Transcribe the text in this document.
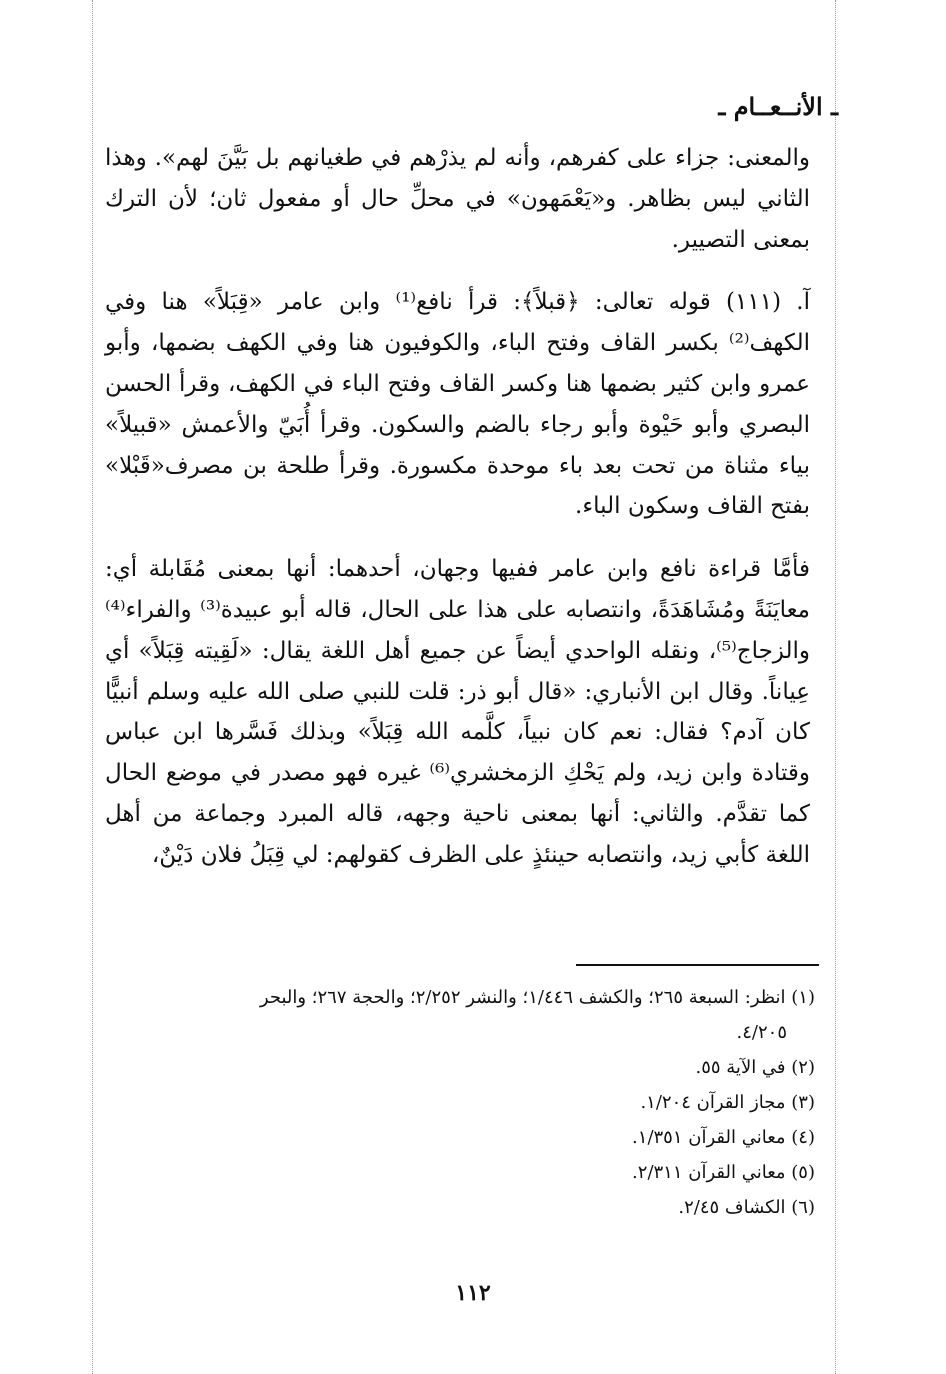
ـ الأنــعــام ـ

والمعنى: جزاء على كفرهم، وأنه لم يذرْهم في طغيانهم بل بَيَّنَ لهم». وهذا الثاني ليس بظاهر. و«يَعْمَهون» في محلِّ حال أو مفعول ثان؛ لأن الترك بمعنى التصيير.

آ. (١١١) قوله تعالى: ﴿قبلاً﴾: قرأ نافع⁽¹⁾ وابن عامر «قِبَلاً» هنا وفي الكهف⁽²⁾ بكسر القاف وفتح الباء، والكوفيون هنا وفي الكهف بضمها، وأبو عمرو وابن كثير بضمها هنا وكسر القاف وفتح الباء في الكهف، وقرأ الحسن البصري وأبو حَيْوة وأبو رجاء بالضم والسكون. وقرأ أُبَيّ والأعمش «قبيلاً» بياء مثناة من تحت بعد باء موحدة مكسورة. وقرأ طلحة بن مصرف«قَبْلا» بفتح القاف وسكون الباء.

فأمَّا قراءة نافع وابن عامر ففيها وجهان، أحدهما: أنها بمعنى مُقَابلة أي: معايَنَةً ومُشَاهَدَةً، وانتصابه على هذا على الحال، قاله أبو عبيدة⁽³⁾ والفراء⁽⁴⁾ والزجاج⁽⁵⁾، ونقله الواحدي أيضاً عن جميع أهل اللغة يقال: «لَقِيته قِبَلاً» أي عِياناً. وقال ابن الأنباري: «قال أبو ذر: قلت للنبي صلى الله عليه وسلم أنبيًّا كان آدم؟ فقال: نعم كان نبياً، كلَّمه الله قِبَلاً» وبذلك فَسَّرها ابن عباس وقتادة وابن زيد، ولم يَحْكِ الزمخشري⁽⁶⁾ غيره فهو مصدر في موضع الحال كما تقدَّم. والثاني: أنها بمعنى ناحية وجهه، قاله المبرد وجماعة من أهل اللغة كأبي زيد، وانتصابه حينئذٍ على الظرف كقولهم: لي قِبَلُ فلان دَيْنٌ،

(١) انظر: السبعة ٢٦٥؛ والكشف ١/٤٤٦؛ والنشر ٢/٢٥٢؛ والحجة ٢٦٧؛ والبحر
٤/٢٠٥.
(٢) في الآية ٥٥.
(٣) مجاز القرآن ١/٢٠٤.
(٤) معاني القرآن ١/٣٥١.
(٥) معاني القرآن ٢/٣١١.
(٦) الكشاف ٢/٤٥.
١١٢
